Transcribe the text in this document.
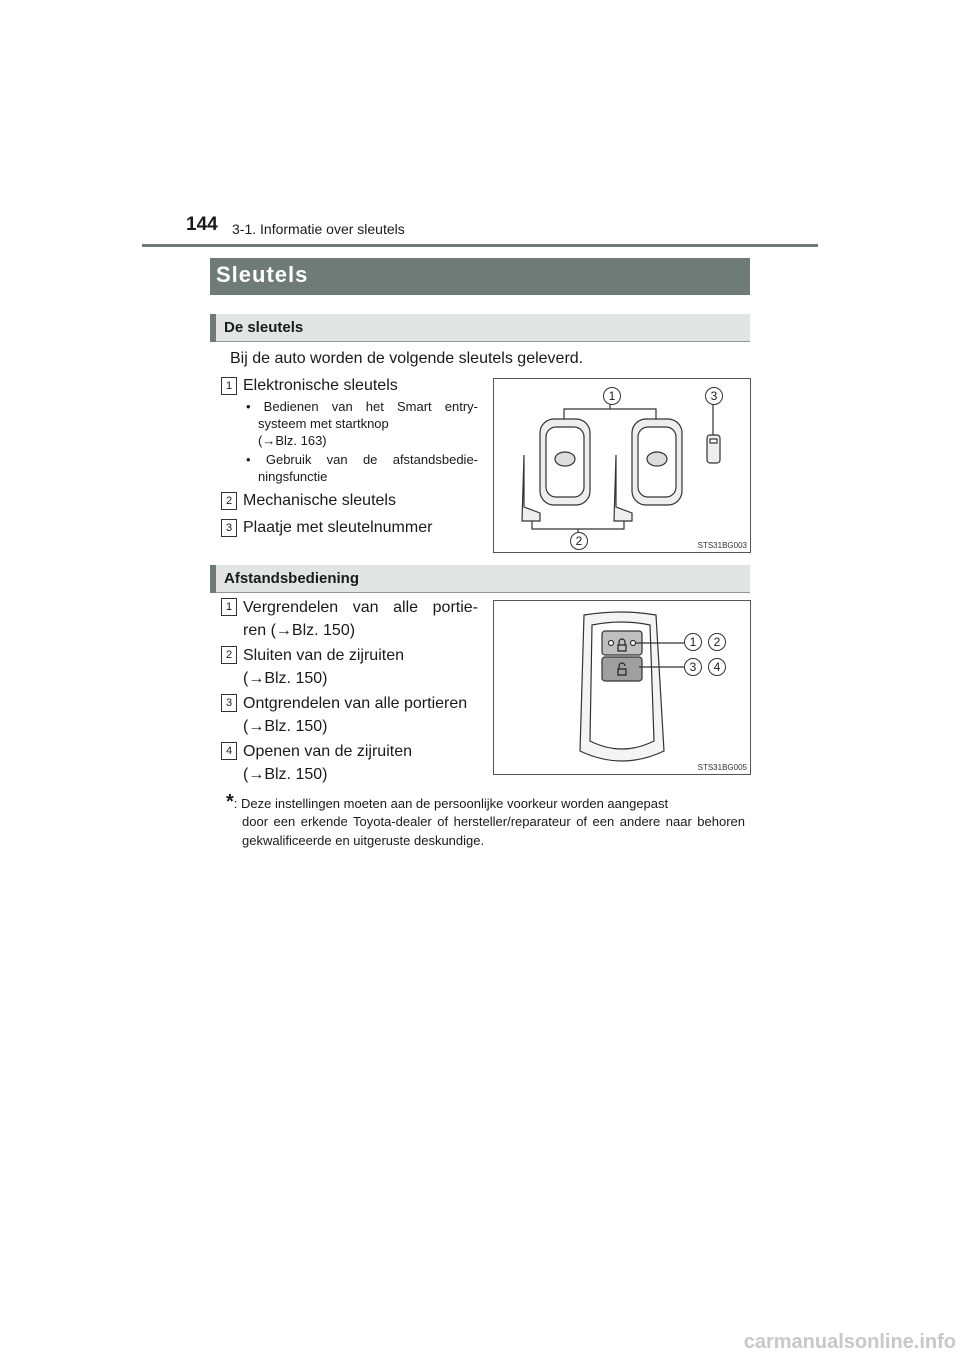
144 3-1. Informatie over sleutels
Sleutels
De sleutels
Bij de auto worden de volgende sleutels geleverd.
1 Elektronische sleutels
• Bedienen van het Smart entry-
systeem met startknop
(→Blz. 163)
• Gebruik van de afstandsbedie-
ningsfunctie
2 Mechanische sleutels
3 Plaatje met sleutelnummer
1
2
3
STS31BG003
Afstandsbediening
1 Vergrendelen van alle portie-
ren (→Blz. 150)
2 Sluiten van de zijruiten
(→Blz. 150)
3 Ontgrendelen van alle portieren
(→Blz. 150)
4 Openen van de zijruiten
(→Blz. 150)
1	2
3	4
STS31BG005
*: Deze instellingen moeten aan de persoonlijke voorkeur worden aangepast
door een erkende Toyota-dealer of hersteller/reparateur of een andere naar behoren gekwalificeerde en uitgeruste deskundige.
carmanualsonline.info
